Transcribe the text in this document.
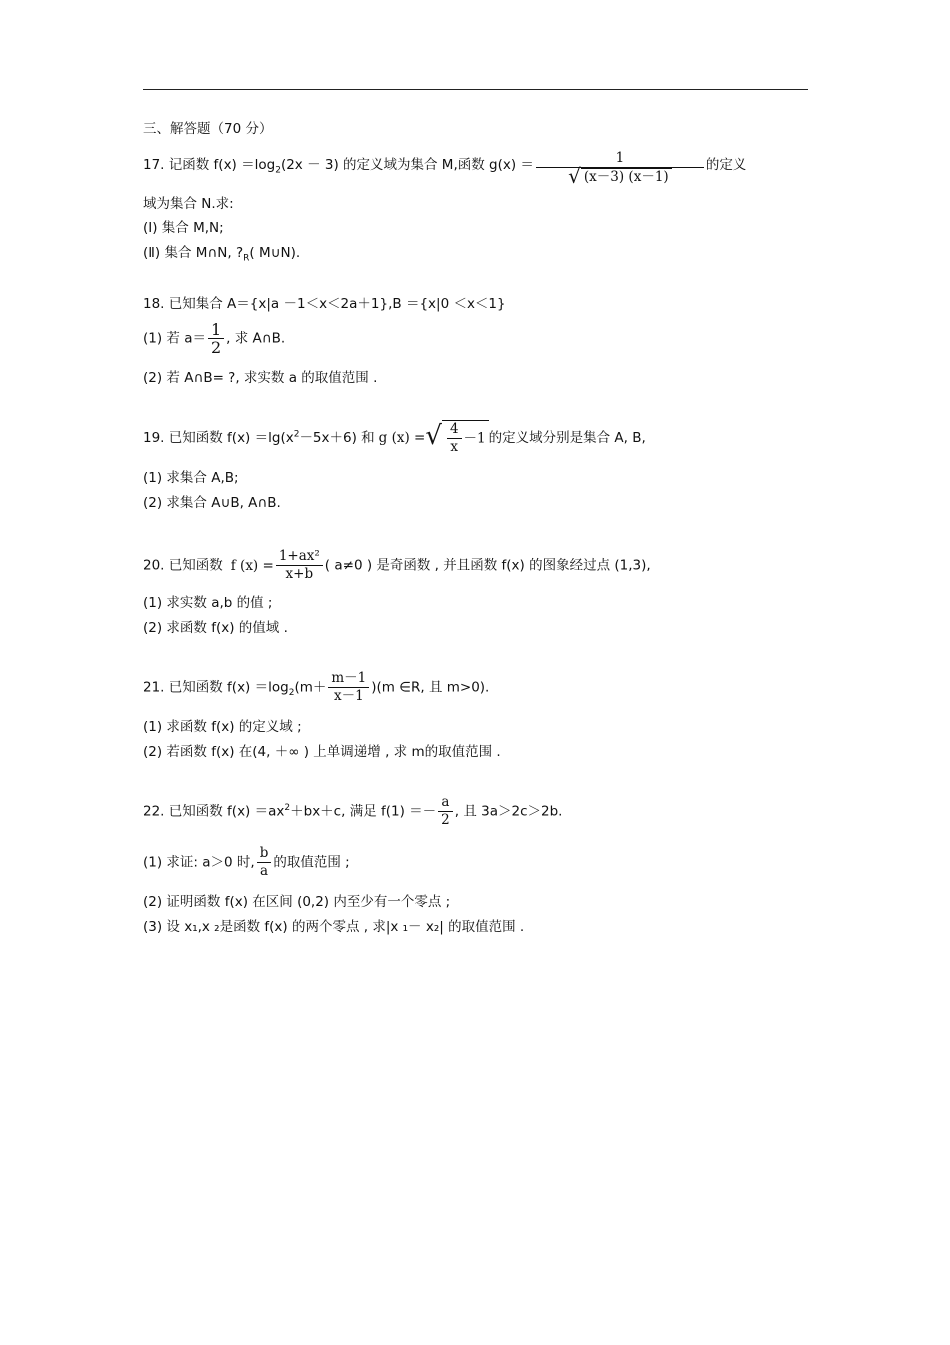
三、解答题（70 分）
17. 记函数 $f(x) =\log_2(2x - 3)$ 的定义域为集合 M,函数 $g(x) = \frac{1}{√ (x-3) (x-1)}$ 的定义
域为集合 N.求:
(Ⅰ) 集合 M,N;
(Ⅱ) 集合 M∩N, $?_R$( M∪N).
18. 已知集合 A＝{x|a －1＜x＜2a＋1},B ＝{x|0 ＜x＜1}
(1) 若 $a= \frac{1}{2}$ , 求 A∩B.
(2) 若 A∩B= ?, 求实数 a 的取值范围 .
19. 已知函数 $f(x) =\lg(x^2-5x+6)$ 和 g (x) =√ $\frac{4}{x} -1$ 的定义域分别是集合 A, B,
(1) 求集合 A,B;
(2) 求集合 A∪B, A∩B.
20. 已知函数 f $(x) = \frac{\text{1+ax²}}{x+b}$ ( a≠0 ) 是奇函数 , 并且函数 f(x) 的图象经过点 (1,3),
(1) 求实数 a,b 的值 ;
(2) 求函数 f(x) 的值域 .
21. 已知函数 $f(x) =\log_2(m+ \frac{m-1}{x-1} )(m$ ∈R, 且 m>0).
(1) 求函数 f(x) 的定义域 ;
(2) 若函数 f(x) 在(4, ＋∞ ) 上单调递增 , 求 m的取值范围 .
22. 已知函数 $f(x) =ax^2+bx+c$, 满足 $f(1) =- \frac{a}{2}$ , 且 3a＞2c＞2b.
(1) 求证: a＞0 时, $\frac{b}{a}$ 的取值范围 ;
(2) 证明函数 f(x) 在区间 (0,2) 内至少有一个零点 ;
(3) 设 x₁,x ₂是函数 f(x) 的两个零点 , 求|x ₁－ x₂| 的取值范围 .
